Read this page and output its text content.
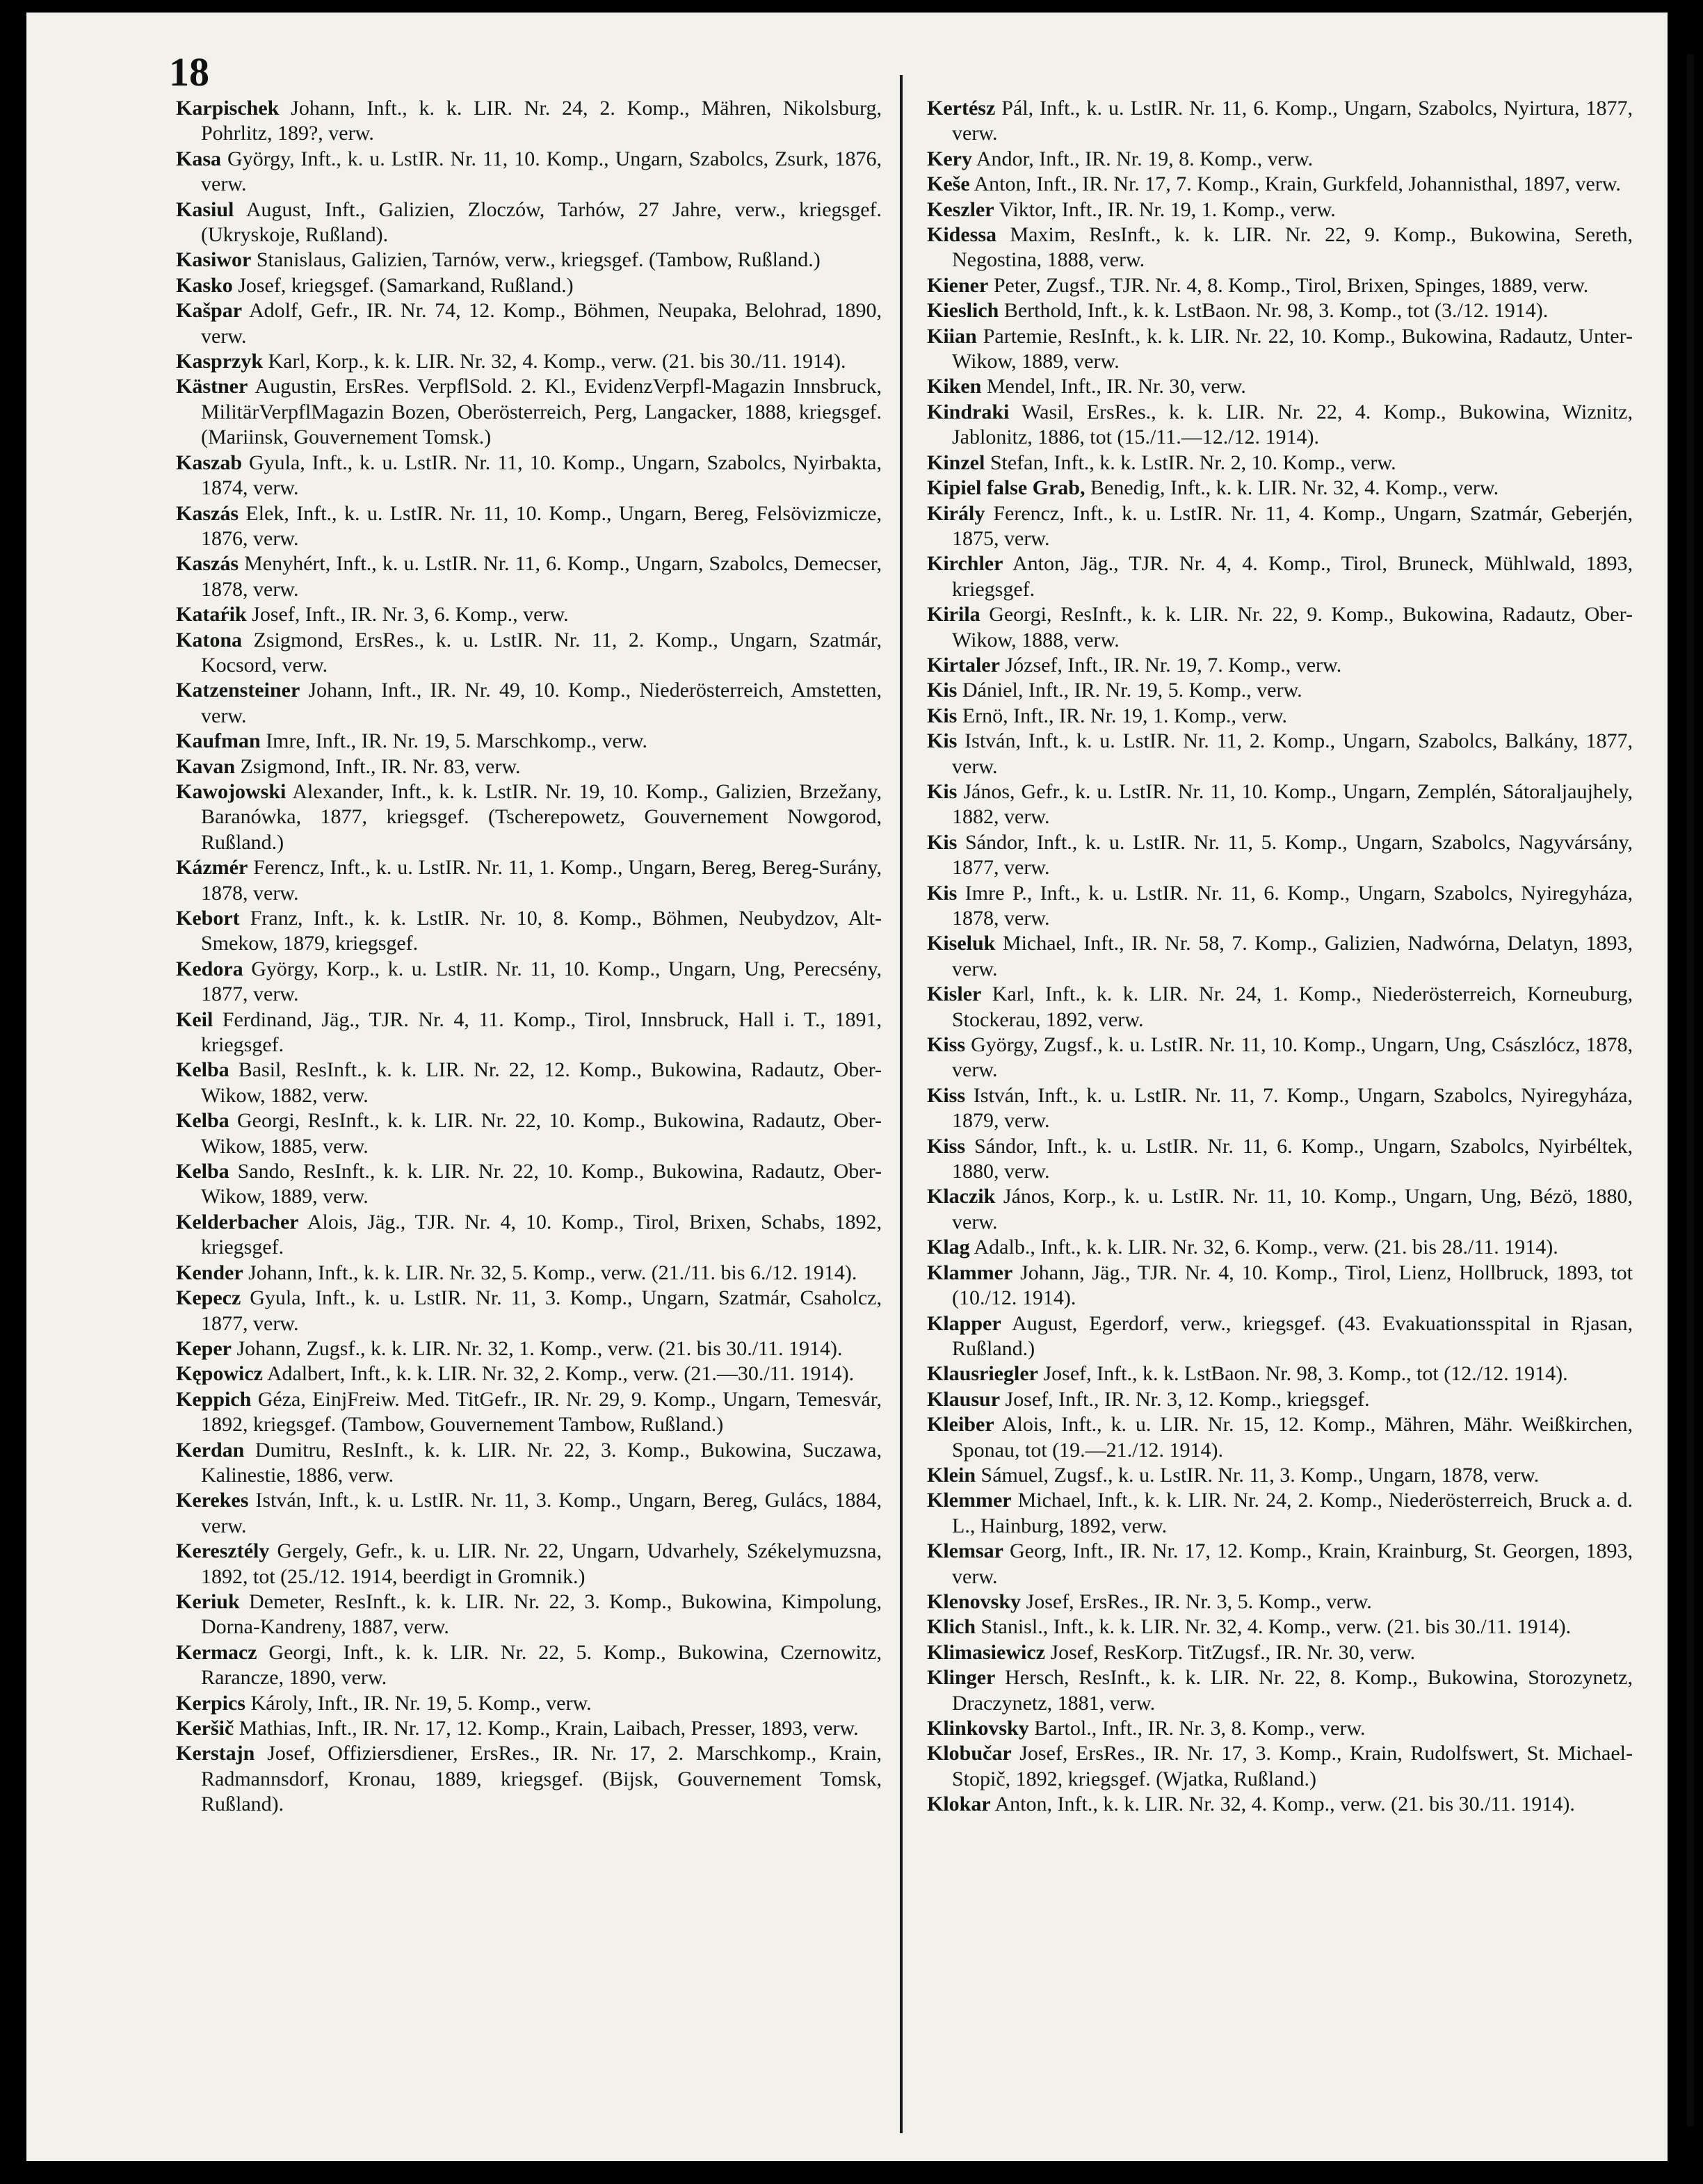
18

Karpischek Johann, Inft., k. k. LIR. Nr. 24, 2. Komp., Mähren, Nikolsburg, Pohrlitz, 189?, verw.

Kasa György, Inft., k. u. LstIR. Nr. 11, 10. Komp., Ungarn, Szabolcs, Zsurk, 1876, verw.

Kasiul August, Inft., Galizien, Zloczów, Tarhów, 27 Jahre, verw., kriegsgef. (Ukryskoje, Rußland).

Kasiwor Stanislaus, Galizien, Tarnów, verw., kriegsgef. (Tambow, Rußland.)

Kasko Josef, kriegsgef. (Samarkand, Rußland.)

Kašpar Adolf, Gefr., IR. Nr. 74, 12. Komp., Böhmen, Neupaka, Belohrad, 1890, verw.

Kasprzyk Karl, Korp., k. k. LIR. Nr. 32, 4. Komp., verw. (21. bis 30./11. 1914).

Kästner Augustin, ErsRes. VerpflSold. 2. Kl., EvidenzVerpfl-Magazin Innsbruck, MilitärVerpflMagazin Bozen, Oberösterreich, Perg, Langacker, 1888, kriegsgef. (Mariinsk, Gouvernement Tomsk.)

Kaszab Gyula, Inft., k. u. LstIR. Nr. 11, 10. Komp., Ungarn, Szabolcs, Nyirbakta, 1874, verw.

Kaszás Elek, Inft., k. u. LstIR. Nr. 11, 10. Komp., Ungarn, Bereg, Felsövizmicze, 1876, verw.

Kaszás Menyhért, Inft., k. u. LstIR. Nr. 11, 6. Komp., Ungarn, Szabolcs, Demecser, 1878, verw.

Kataŕik Josef, Inft., IR. Nr. 3, 6. Komp., verw.

Katona Zsigmond, ErsRes., k. u. LstIR. Nr. 11, 2. Komp., Ungarn, Szatmár, Kocsord, verw.

Katzensteiner Johann, Inft., IR. Nr. 49, 10. Komp., Niederösterreich, Amstetten, verw.

Kaufman Imre, Inft., IR. Nr. 19, 5. Marschkomp., verw.

Kavan Zsigmond, Inft., IR. Nr. 83, verw.

Kawojowski Alexander, Inft., k. k. LstIR. Nr. 19, 10. Komp., Galizien, Brzežany, Baranówka, 1877, kriegsgef. (Tscherepowetz, Gouvernement Nowgorod, Rußland.)

Kázmér Ferencz, Inft., k. u. LstIR. Nr. 11, 1. Komp., Ungarn, Bereg, Bereg-Surány, 1878, verw.

Kebort Franz, Inft., k. k. LstIR. Nr. 10, 8. Komp., Böhmen, Neubydzov, Alt-Smekow, 1879, kriegsgef.

Kedora György, Korp., k. u. LstIR. Nr. 11, 10. Komp., Ungarn, Ung, Perecsény, 1877, verw.

Keil Ferdinand, Jäg., TJR. Nr. 4, 11. Komp., Tirol, Innsbruck, Hall i. T., 1891, kriegsgef.

Kelba Basil, ResInft., k. k. LIR. Nr. 22, 12. Komp., Bukowina, Radautz, Ober-Wikow, 1882, verw.

Kelba Georgi, ResInft., k. k. LIR. Nr. 22, 10. Komp., Bukowina, Radautz, Ober-Wikow, 1885, verw.

Kelba Sando, ResInft., k. k. LIR. Nr. 22, 10. Komp., Bukowina, Radautz, Ober-Wikow, 1889, verw.

Kelderbacher Alois, Jäg., TJR. Nr. 4, 10. Komp., Tirol, Brixen, Schabs, 1892, kriegsgef.

Kender Johann, Inft., k. k. LIR. Nr. 32, 5. Komp., verw. (21./11. bis 6./12. 1914).

Kepecz Gyula, Inft., k. u. LstIR. Nr. 11, 3. Komp., Ungarn, Szatmár, Csaholcz, 1877, verw.

Keper Johann, Zugsf., k. k. LIR. Nr. 32, 1. Komp., verw. (21. bis 30./11. 1914).

Kępowicz Adalbert, Inft., k. k. LIR. Nr. 32, 2. Komp., verw. (21.—30./11. 1914).

Keppich Géza, EinjFreiw. Med. TitGefr., IR. Nr. 29, 9. Komp., Ungarn, Temesvár, 1892, kriegsgef. (Tambow, Gouvernement Tambow, Rußland.)

Kerdan Dumitru, ResInft., k. k. LIR. Nr. 22, 3. Komp., Bukowina, Suczawa, Kalinestie, 1886, verw.

Kerekes István, Inft., k. u. LstIR. Nr. 11, 3. Komp., Ungarn, Bereg, Gulács, 1884, verw.

Keresztély Gergely, Gefr., k. u. LIR. Nr. 22, Ungarn, Udvarhely, Székelymuzsna, 1892, tot (25./12. 1914, beerdigt in Gromnik.)

Keriuk Demeter, ResInft., k. k. LIR. Nr. 22, 3. Komp., Bukowina, Kimpolung, Dorna-Kandreny, 1887, verw.

Kermacz Georgi, Inft., k. k. LIR. Nr. 22, 5. Komp., Bukowina, Czernowitz, Rarancze, 1890, verw.

Kerpics Károly, Inft., IR. Nr. 19, 5. Komp., verw.

Keršič Mathias, Inft., IR. Nr. 17, 12. Komp., Krain, Laibach, Presser, 1893, verw.

Kerstajn Josef, Offiziersdiener, ErsRes., IR. Nr. 17, 2. Marschkomp., Krain, Radmannsdorf, Kronau, 1889, kriegsgef. (Bijsk, Gouvernement Tomsk, Rußland).

Kertész Pál, Inft., k. u. LstIR. Nr. 11, 6. Komp., Ungarn, Szabolcs, Nyirtura, 1877, verw.

Kery Andor, Inft., IR. Nr. 19, 8. Komp., verw.

Keše Anton, Inft., IR. Nr. 17, 7. Komp., Krain, Gurkfeld, Johannisthal, 1897, verw.

Keszler Viktor, Inft., IR. Nr. 19, 1. Komp., verw.

Kidessa Maxim, ResInft., k. k. LIR. Nr. 22, 9. Komp., Bukowina, Sereth, Negostina, 1888, verw.

Kiener Peter, Zugsf., TJR. Nr. 4, 8. Komp., Tirol, Brixen, Spinges, 1889, verw.

Kieslich Berthold, Inft., k. k. LstBaon. Nr. 98, 3. Komp., tot (3./12. 1914).

Kiian Partemie, ResInft., k. k. LIR. Nr. 22, 10. Komp., Bukowina, Radautz, Unter-Wikow, 1889, verw.

Kiken Mendel, Inft., IR. Nr. 30, verw.

Kindraki Wasil, ErsRes., k. k. LIR. Nr. 22, 4. Komp., Bukowina, Wiznitz, Jablonitz, 1886, tot (15./11.—12./12. 1914).

Kinzel Stefan, Inft., k. k. LstIR. Nr. 2, 10. Komp., verw.

Kipiel false Grab, Benedig, Inft., k. k. LIR. Nr. 32, 4. Komp., verw.

Király Ferencz, Inft., k. u. LstIR. Nr. 11, 4. Komp., Ungarn, Szatmár, Geberjén, 1875, verw.

Kirchler Anton, Jäg., TJR. Nr. 4, 4. Komp., Tirol, Bruneck, Mühlwald, 1893, kriegsgef.

Kirila Georgi, ResInft., k. k. LIR. Nr. 22, 9. Komp., Bukowina, Radautz, Ober-Wikow, 1888, verw.

Kirtaler József, Inft., IR. Nr. 19, 7. Komp., verw.

Kis Dániel, Inft., IR. Nr. 19, 5. Komp., verw.

Kis Ernö, Inft., IR. Nr. 19, 1. Komp., verw.

Kis István, Inft., k. u. LstIR. Nr. 11, 2. Komp., Ungarn, Szabolcs, Balkány, 1877, verw.

Kis János, Gefr., k. u. LstIR. Nr. 11, 10. Komp., Ungarn, Zemplén, Sátoraljaujhely, 1882, verw.

Kis Sándor, Inft., k. u. LstIR. Nr. 11, 5. Komp., Ungarn, Szabolcs, Nagyvársány, 1877, verw.

Kis Imre P., Inft., k. u. LstIR. Nr. 11, 6. Komp., Ungarn, Szabolcs, Nyiregyháza, 1878, verw.

Kiseluk Michael, Inft., IR. Nr. 58, 7. Komp., Galizien, Nadwórna, Delatyn, 1893, verw.

Kisler Karl, Inft., k. k. LIR. Nr. 24, 1. Komp., Niederösterreich, Korneuburg, Stockerau, 1892, verw.

Kiss György, Zugsf., k. u. LstIR. Nr. 11, 10. Komp., Ungarn, Ung, Császlócz, 1878, verw.

Kiss István, Inft., k. u. LstIR. Nr. 11, 7. Komp., Ungarn, Szabolcs, Nyiregyháza, 1879, verw.

Kiss Sándor, Inft., k. u. LstIR. Nr. 11, 6. Komp., Ungarn, Szabolcs, Nyirbéltek, 1880, verw.

Klaczik János, Korp., k. u. LstIR. Nr. 11, 10. Komp., Ungarn, Ung, Bézö, 1880, verw.

Klag Adalb., Inft., k. k. LIR. Nr. 32, 6. Komp., verw. (21. bis 28./11. 1914).

Klammer Johann, Jäg., TJR. Nr. 4, 10. Komp., Tirol, Lienz, Hollbruck, 1893, tot (10./12. 1914).

Klapper August, Egerdorf, verw., kriegsgef. (43. Evakuationsspital in Rjasan, Rußland.)

Klausriegler Josef, Inft., k. k. LstBaon. Nr. 98, 3. Komp., tot (12./12. 1914).

Klausur Josef, Inft., IR. Nr. 3, 12. Komp., kriegsgef.

Kleiber Alois, Inft., k. u. LIR. Nr. 15, 12. Komp., Mähren, Mähr. Weißkirchen, Sponau, tot (19.—21./12. 1914).

Klein Sámuel, Zugsf., k. u. LstIR. Nr. 11, 3. Komp., Ungarn, 1878, verw.

Klemmer Michael, Inft., k. k. LIR. Nr. 24, 2. Komp., Niederösterreich, Bruck a. d. L., Hainburg, 1892, verw.

Klemsar Georg, Inft., IR. Nr. 17, 12. Komp., Krain, Krainburg, St. Georgen, 1893, verw.

Klenovsky Josef, ErsRes., IR. Nr. 3, 5. Komp., verw.

Klich Stanisl., Inft., k. k. LIR. Nr. 32, 4. Komp., verw. (21. bis 30./11. 1914).

Klimasiewicz Josef, ResKorp. TitZugsf., IR. Nr. 30, verw.

Klinger Hersch, ResInft., k. k. LIR. Nr. 22, 8. Komp., Bukowina, Storozynetz, Draczynetz, 1881, verw.

Klinkovsky Bartol., Inft., IR. Nr. 3, 8. Komp., verw.

Klobučar Josef, ErsRes., IR. Nr. 17, 3. Komp., Krain, Rudolfswert, St. Michael-Stopič, 1892, kriegsgef. (Wjatka, Rußland.)

Klokar Anton, Inft., k. k. LIR. Nr. 32, 4. Komp., verw. (21. bis 30./11. 1914).
